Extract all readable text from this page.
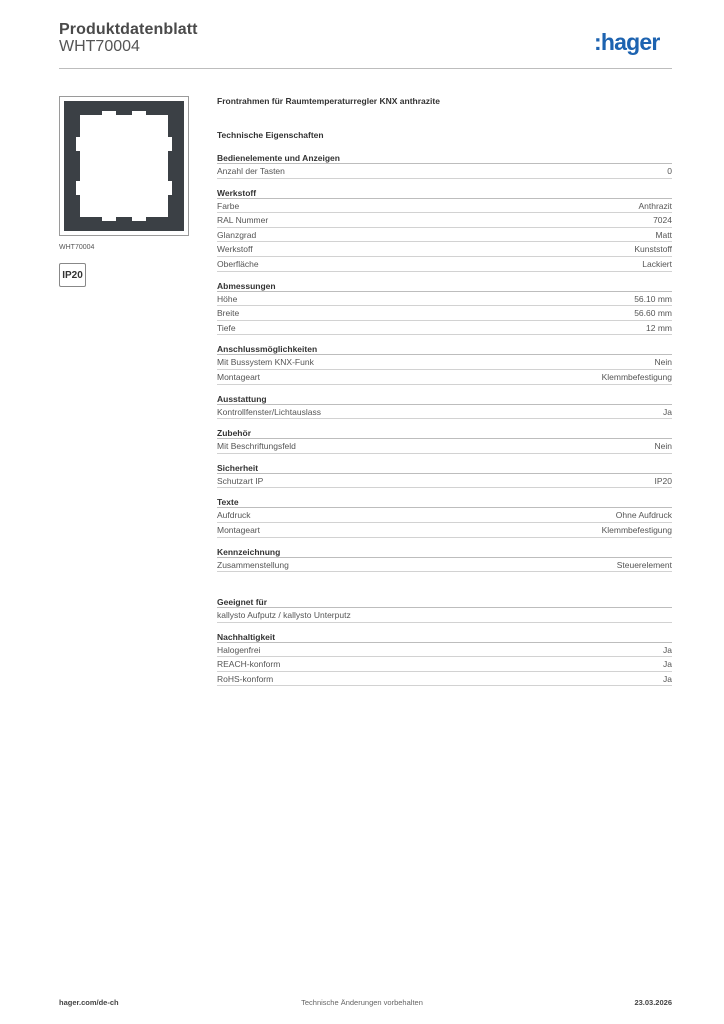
Produktdatenblatt
WHT70004	:hager
WHT70004
IP20
Frontrahmen für Raumtemperaturregler KNX anthrazite
Technische Eigenschaften
Bedienelemente und Anzeigen
Anzahl der Tasten	0
Werkstoff
Farbe	Anthrazit
RAL Nummer	7024
Glanzgrad	Matt
Werkstoff	Kunststoff
Oberfläche	Lackiert
Abmessungen
Höhe	56.10 mm
Breite	56.60 mm
Tiefe	12 mm
Anschlussmöglichkeiten
Mit Bussystem KNX-Funk	Nein
Montageart	Klemmbefestigung
Ausstattung
Kontrollfenster/Lichtauslass	Ja
Zubehör
Mit Beschriftungsfeld	Nein
Sicherheit
Schutzart IP	IP20
Texte
Aufdruck	Ohne Aufdruck
Montageart	Klemmbefestigung
Kennzeichnung
Zusammenstellung	Steuerelement
Geeignet für
kallysto Aufputz / kallysto Unterputz
Nachhaltigkeit
Halogenfrei	Ja
REACH-konform	Ja
RoHS-konform	Ja
hager.com/de-ch	Technische Änderungen vorbehalten	23.03.2026
